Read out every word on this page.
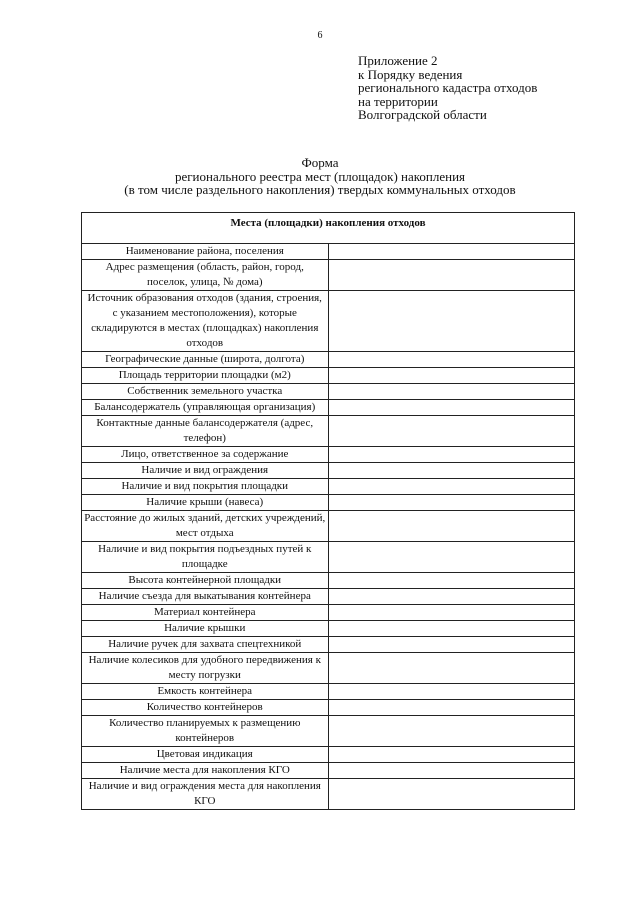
6
Приложение 2
к Порядку ведения
регионального кадастра отходов
на территории
Волгоградской области
Форма
регионального реестра мест (площадок) накопления
(в том числе раздельного накопления) твердых коммунальных отходов
Места (площадки) накопления отходов	

Наименование района, поселения	
Адрес размещения (область, район, город, поселок, улица, № дома)	
Источник образования отходов (здания, строения, с указанием местоположения), которые складируются в местах (площадках) накопления отходов	
Географические данные (широта, долгота)	
Площадь территории площадки (м2)	
Собственник земельного участка	
Балансодержатель (управляющая организация)	
Контактные данные балансодержателя (адрес, телефон)	
Лицо, ответственное за содержание	
Наличие и вид ограждения	
Наличие и вид покрытия площадки	
Наличие крыши (навеса)	
Расстояние до жилых зданий, детских учреждений, мест отдыха	
Наличие и вид покрытия подъездных путей к площадке	
Высота контейнерной площадки	
Наличие съезда для выкатывания контейнера	
Материал контейнера	
Наличие крышки	
Наличие ручек для захвата спецтехникой	
Наличие колесиков для удобного передвижения к месту погрузки	
Емкость контейнера	
Количество контейнеров	
Количество планируемых к размещению контейнеров	
Цветовая индикация	
Наличие места для накопления КГО	
Наличие и вид ограждения места для накопления КГО	
